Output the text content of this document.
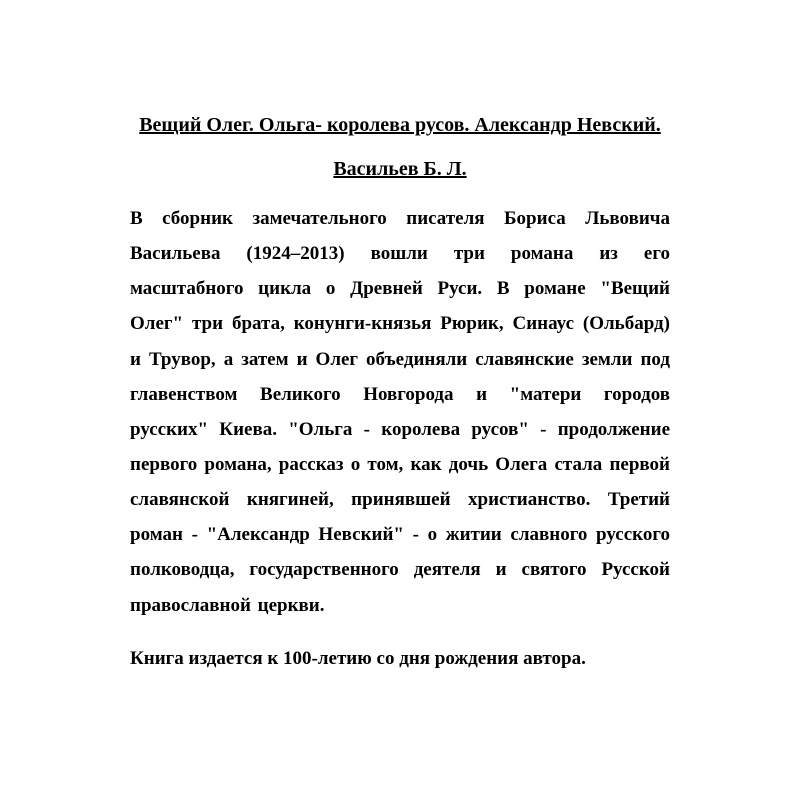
Вещий Олег. Ольга- королева русов. Александр Невский. Васильев Б. Л.

В сборник замечательного писателя Бориса Львовича Васильева (1924–2013) вошли три романа из его масштабного цикла о Древней Руси. В романе "Вещий Олег" три брата, конунги-князья Рюрик, Синаус (Ольбард) и Трувор, а затем и Олег объединяли славянские земли под главенством Великого Новгорода и "матери городов русских" Киева. "Ольга - королева русов" - продолжение первого романа, рассказ о том, как дочь Олега стала первой славянской княгиней, принявшей христианство. Третий роман - "Александр Невский" - о житии славного русского полководца, государственного деятеля и святого Русской православной церкви.

Книга издается к 100-летию со дня рождения автора.
